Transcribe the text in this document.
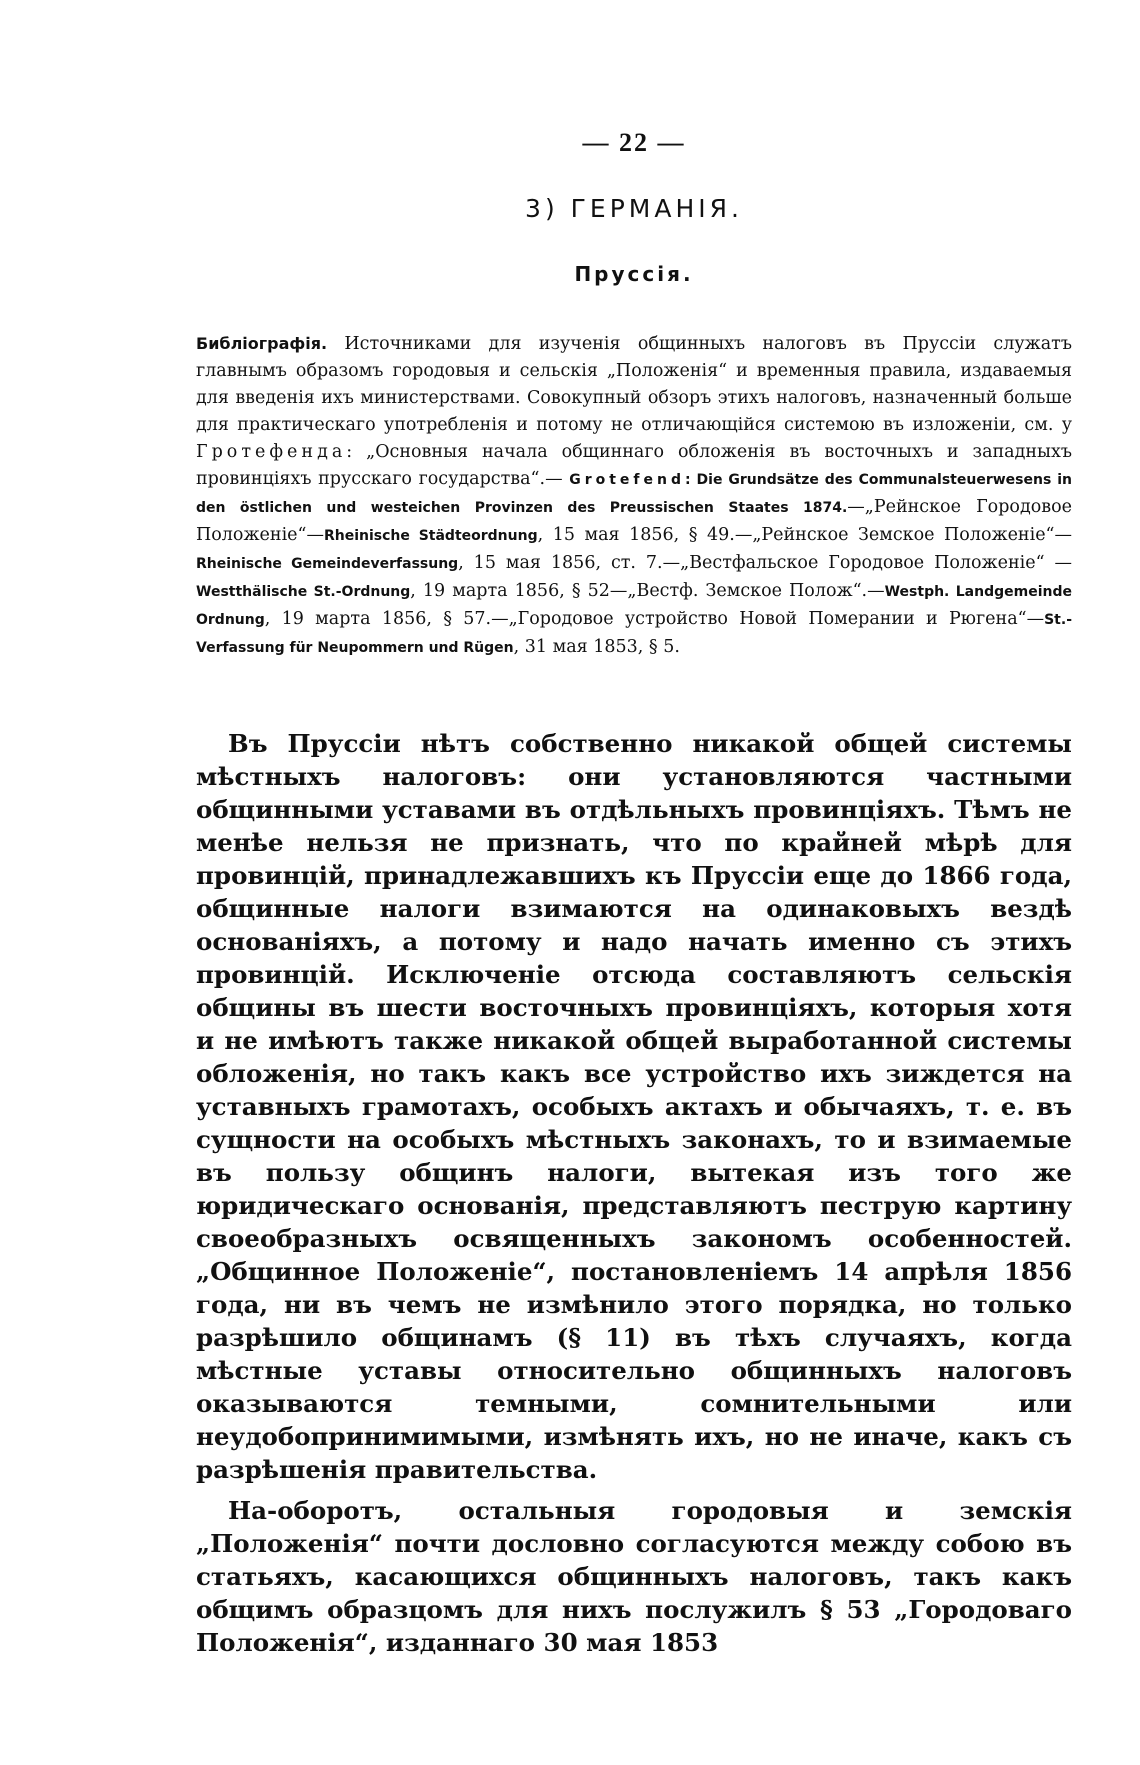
— 22 —
3) ГЕРМАНІЯ.
Пруссія.
Библіографія. Источниками для изученія общинныхъ налоговъ въ Пруссіи служатъ главнымъ образомъ городовыя и сельскія „Положенія“ и временныя правила, издаваемыя для введенія ихъ министерствами. Совокупный обзоръ этихъ налоговъ, назначенный больше для практическаго употребленія и потому не отличающійся системою въ изложеніи, см. у Гротефенда: „Основныя начала общиннаго обложенія въ восточныхъ и западныхъ провинціяхъ прусскаго государства“.— Grotefend: Die Grundsätze des Communalsteuerwesens in den östlichen und westeichen Provinzen des Preussischen Staates 1874.—„Рейнское Городовое Положеніе“—Rheinische Städteordnung, 15 мая 1856, § 49.—„Рейнское Земское Положеніе“—Rheinische Gemeindeverfassung, 15 мая 1856, ст. 7.—„Вестфальское Городовое Положеніе“ —Westthälische St.-Ordnung, 19 марта 1856, § 52—„Вестф. Земское Полож“.—Westph. Landgemeinde Ordnung, 19 марта 1856, § 57.—„Городовое устройство Новой Померании и Рюгена“—St.-Verfassung für Neupommern und Rügen, 31 мая 1853, § 5.

Въ Пруссіи нѣтъ собственно никакой общей системы мѣстныхъ налоговъ: они установляются частными общинными уставами въ отдѣльныхъ провинціяхъ. Тѣмъ не менѣе нельзя не признать, что по крайней мѣрѣ для провинцій, принадлежавшихъ къ Пруссіи еще до 1866 года, общинные налоги взимаются на одинаковыхъ вездѣ основаніяхъ, а потому и надо начать именно съ этихъ провинцій. Исключеніе отсюда составляютъ сельскія общины въ шести восточныхъ провинціяхъ, которыя хотя и не имѣютъ также никакой общей выработанной системы обложенія, но такъ какъ все устройство ихъ зиждется на уставныхъ грамотахъ, особыхъ актахъ и обычаяхъ, т. е. въ сущности на особыхъ мѣстныхъ законахъ, то и взимаемые въ пользу общинъ налоги, вытекая изъ того же юридическаго основанія, представляютъ пеструю картину своеобразныхъ освященныхъ закономъ особенностей. „Общинное Положеніе“, постановленіемъ 14 апрѣля 1856 года, ни въ чемъ не измѣнило этого порядка, но только разрѣшило общинамъ (§ 11) въ тѣхъ случаяхъ, когда мѣстные уставы относительно общинныхъ налоговъ оказываются темными, сомнительными или неудобопринимимыми, измѣнять ихъ, но не иначе, какъ съ разрѣшенія правительства.

На-оборотъ, остальныя городовыя и земскія „Положенія“ почти дословно согласуются между собою въ статьяхъ, касающихся общинныхъ налоговъ, такъ какъ общимъ образцомъ для нихъ послужилъ § 53 „Городоваго Положенія“, изданнаго 30 мая 1853
